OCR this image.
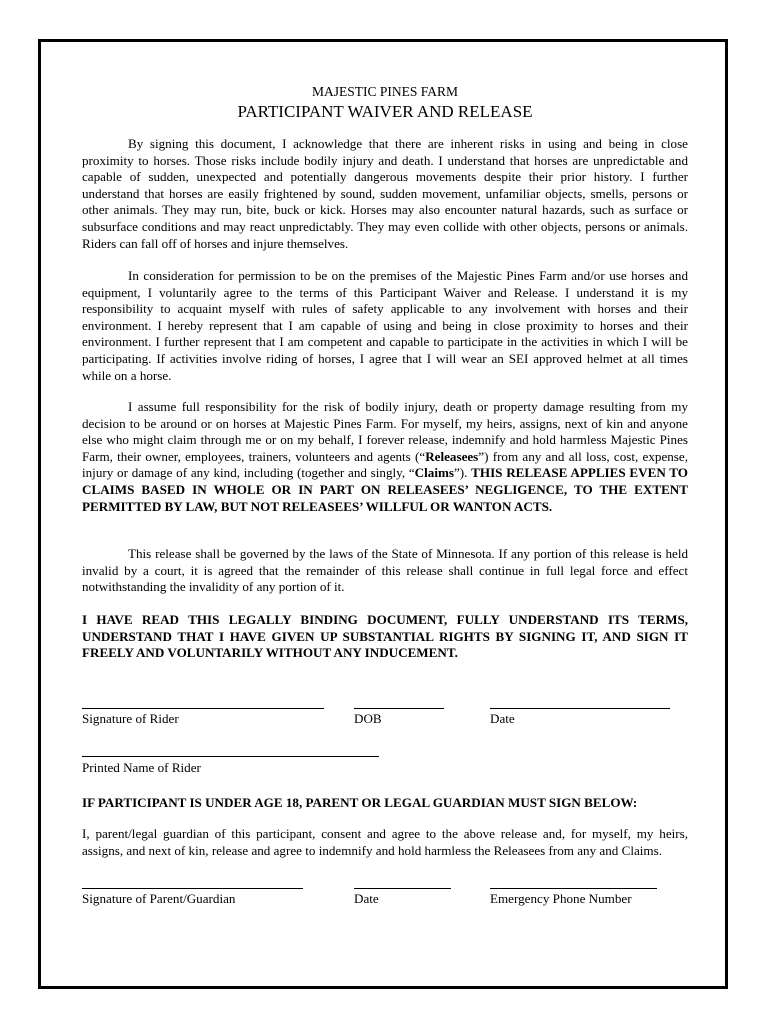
MAJESTIC PINES FARM
PARTICIPANT WAIVER AND RELEASE

By signing this document, I acknowledge that there are inherent risks in using and being in close proximity to horses. Those risks include bodily injury and death. I understand that horses are unpredictable and capable of sudden, unexpected and potentially dangerous movements despite their prior history. I further understand that horses are easily frightened by sound, sudden movement, unfamiliar objects, smells, persons or other animals. They may run, bite, buck or kick. Horses may also encounter natural hazards, such as surface or subsurface conditions and may react unpredictably. They may even collide with other objects, persons or animals. Riders can fall off of horses and injure themselves.

In consideration for permission to be on the premises of the Majestic Pines Farm and/or use horses and equipment, I voluntarily agree to the terms of this Participant Waiver and Release. I understand it is my responsibility to acquaint myself with rules of safety applicable to any involvement with horses and their environment. I hereby represent that I am capable of using and being in close proximity to horses and their environment. I further represent that I am competent and capable to participate in the activities in which I will be participating. If activities involve riding of horses, I agree that I will wear an SEI approved helmet at all times while on a horse.

I assume full responsibility for the risk of bodily injury, death or property damage resulting from my decision to be around or on horses at Majestic Pines Farm. For myself, my heirs, assigns, next of kin and anyone else who might claim through me or on my behalf, I forever release, indemnify and hold harmless Majestic Pines Farm, their owner, employees, trainers, volunteers and agents (“Releasees”) from any and all loss, cost, expense, injury or damage of any kind, including (together and singly, “Claims”). THIS RELEASE APPLIES EVEN TO CLAIMS BASED IN WHOLE OR IN PART ON RELEASEES’ NEGLIGENCE, TO THE EXTENT PERMITTED BY LAW, BUT NOT RELEASEES’ WILLFUL OR WANTON ACTS.

This release shall be governed by the laws of the State of Minnesota. If any portion of this release is held invalid by a court, it is agreed that the remainder of this release shall continue in full legal force and effect notwithstanding the invalidity of any portion of it.

I HAVE READ THIS LEGALLY BINDING DOCUMENT, FULLY UNDERSTAND ITS TERMS, UNDERSTAND THAT I HAVE GIVEN UP SUBSTANTIAL RIGHTS BY SIGNING IT, AND SIGN IT FREELY AND VOLUNTARILY WITHOUT ANY INDUCEMENT.

Signature of Rider	DOB	Date
Printed Name of Rider

IF PARTICIPANT IS UNDER AGE 18, PARENT OR LEGAL GUARDIAN MUST SIGN BELOW:

I, parent/legal guardian of this participant, consent and agree to the above release and, for myself, my heirs, assigns, and next of kin, release and agree to indemnify and hold harmless the Releasees from any and Claims.

Signature of Parent/Guardian	Date	Emergency Phone Number
